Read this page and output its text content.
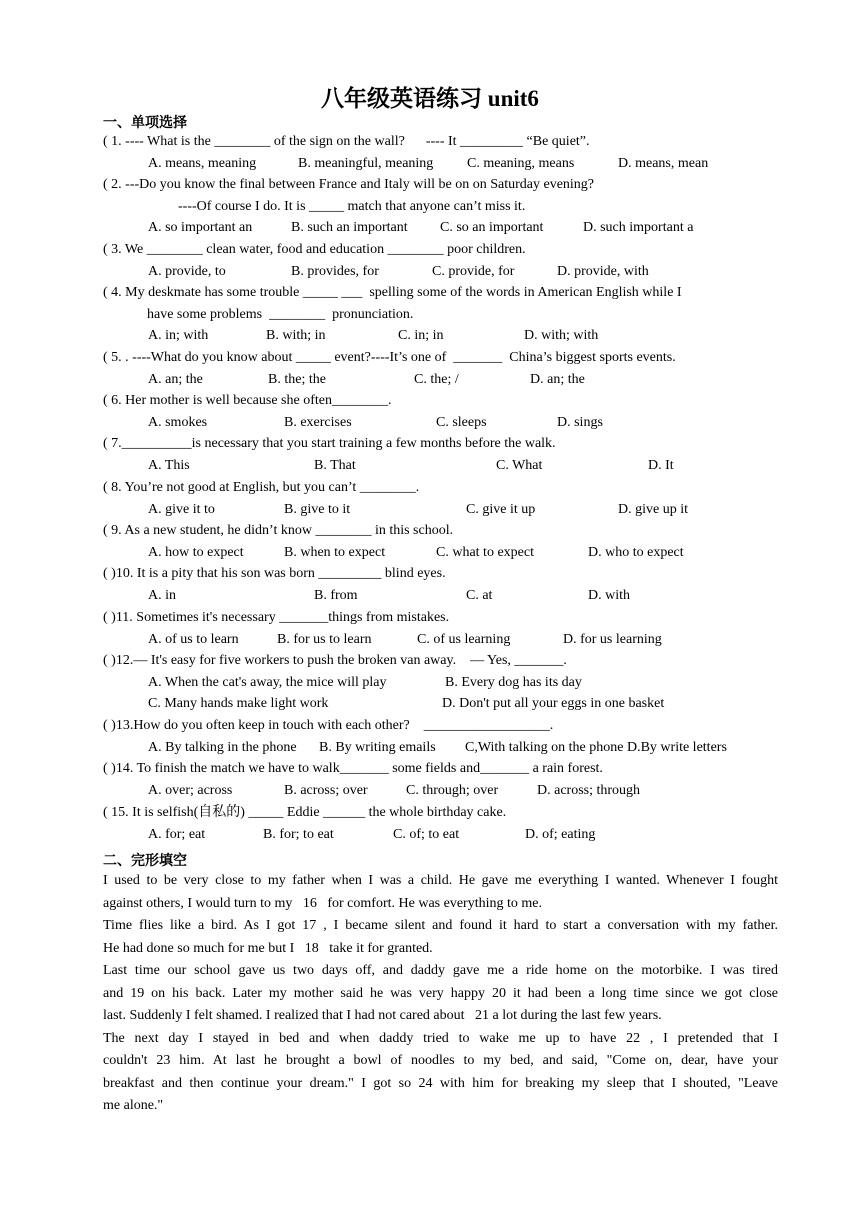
八年级英语练习 unit6
一、单项选择
( 1. ---- What is the ________ of the sign on the wall?      ---- It _________ “Be quiet”.
A. means, meaning	B. meaningful, meaning C. meaning, means	D. means, mean
( 2. ---Do you know the final between France and Italy will be on on Saturday evening?
----Of course I do. It is _____ match that anyone can’t miss it.
A. so important an	B. such an important C. so an important	D. such important a
( 3. We ________ clean water, food and education ________ poor children.
A. provide, to	B. provides, for	C. provide, for	D. provide, with
( 4. My deskmate has some trouble _____ ___  spelling some of the words in American English while I
have some problems  ________  pronunciation.
A. in; with	B. with; in	C. in; in	D. with; with
( 5. . ----What do you know about _____ event?----It’s one of  _______  China’s biggest sports events.
A. an; the	B. the; the	C. the; /	D. an; the
( 6. Her mother is well because she often________.
A. smokes	B. exercises	C. sleeps	D. sings
( 7.__________is necessary that you start training a few months before the walk.
A. This	B. That	C. What	D. It
( 8. You’re not good at English, but you can’t ________.
A. give it to	B. give to it	C. give it up	D. give up it
( 9. As a new student, he didn’t know ________ in this school.
A. how to expect	B. when to expect	C. what to expect	D. who to expect
( )10. It is a pity that his son was born _________ blind eyes.
A. in	B. from	C. at	D. with
( )11. Sometimes it's necessary _______things from mistakes.
A. of us to learn	B. for us to learn	C. of us learning	D. for us learning
( )12.— It's easy for five workers to push the broken van away.    — Yes, _______.
A. When the cat's away, the mice will play	B. Every dog has its day
C. Many hands make light work	D. Don't put all your eggs in one basket
( )13.How do you often keep in touch with each other?    __________________.
A. By talking in the phone B. By writing emails C,With talking on the phone D.By write letters
( )14. To finish the match we have to walk_______ some fields and_______ a rain forest.
A. over; across	B. across; over	C. through; over	D. across; through
( 15. It is selfish(自私的) _____ Eddie ______ the whole birthday cake.
A. for; eat	B. for; to eat	C. of; to eat	D. of; eating
二、完形填空
I used to be very close to my father when I was a child. He gave me everything I wanted. Whenever I fought
against others, I would turn to my   16   for comfort. He was everything to me.
Time flies like a bird. As I got 17 , I became silent and found it hard to start a conversation with my father.
He had done so much for me but I   18   take it for granted.
Last time our school gave us two days off, and daddy gave me a ride home on the motorbike. I was tired
and 19 on his back. Later my mother said he was very happy 20 it had been a long time since we got close
last. Suddenly I felt shamed. I realized that I had not cared about   21 a lot during the last few years.
The next day I stayed in bed and when daddy tried to wake me up to have 22 , I pretended that I
couldn't 23 him. At last he brought a bowl of noodles to my bed, and said, "Come on, dear, have your
breakfast and then continue your dream." I got so 24 with him for breaking my sleep that I shouted, "Leave
me alone."
